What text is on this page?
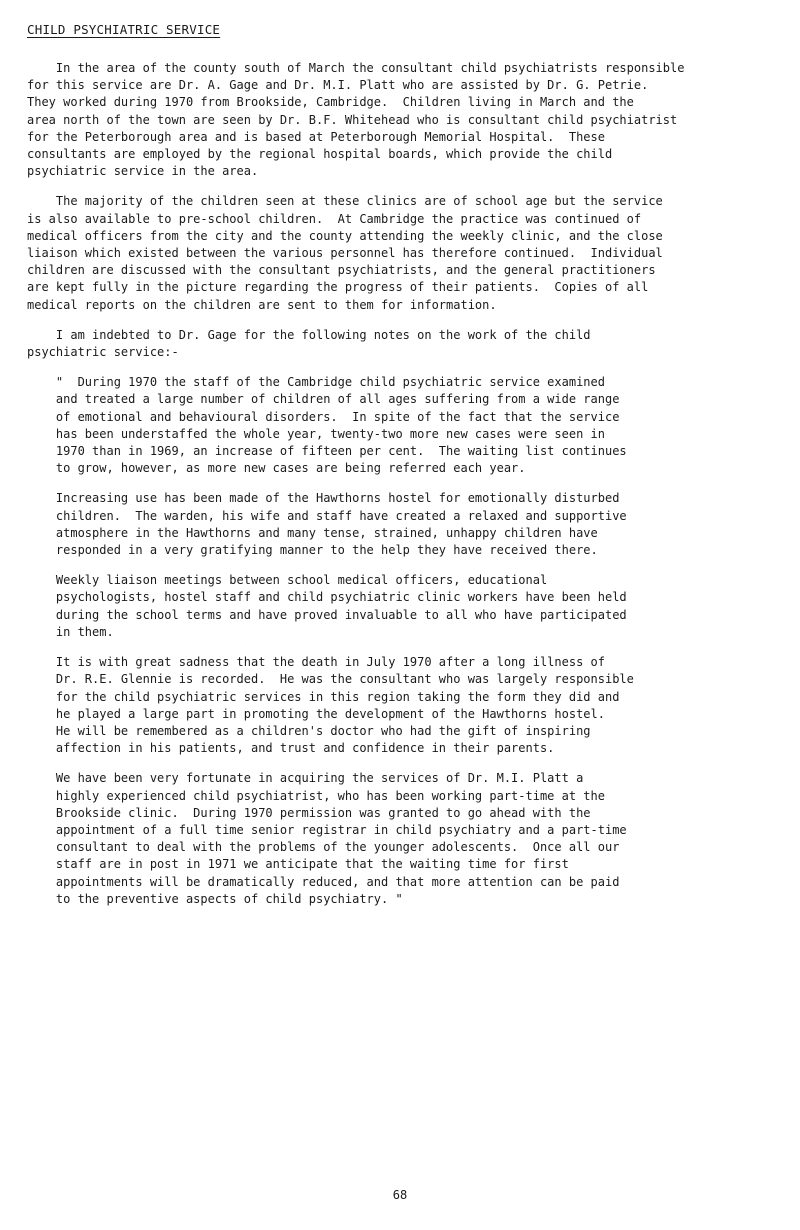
CHILD PSYCHIATRIC SERVICE

In the area of the county south of March the consultant child psychiatrists responsible
for this service are Dr. A. Gage and Dr. M.I. Platt who are assisted by Dr. G. Petrie.
They worked during 1970 from Brookside, Cambridge.  Children living in March and the
area north of the town are seen by Dr. B.F. Whitehead who is consultant child psychiatrist
for the Peterborough area and is based at Peterborough Memorial Hospital.  These
consultants are employed by the regional hospital boards, which provide the child
psychiatric service in the area.

The majority of the children seen at these clinics are of school age but the service
is also available to pre-school children.  At Cambridge the practice was continued of
medical officers from the city and the county attending the weekly clinic, and the close
liaison which existed between the various personnel has therefore continued.  Individual
children are discussed with the consultant psychiatrists, and the general practitioners
are kept fully in the picture regarding the progress of their patients.  Copies of all
medical reports on the children are sent to them for information.

I am indebted to Dr. Gage for the following notes on the work of the child
psychiatric service:-

"  During 1970 the staff of the Cambridge child psychiatric service examined
and treated a large number of children of all ages suffering from a wide range
of emotional and behavioural disorders.  In spite of the fact that the service
has been understaffed the whole year, twenty-two more new cases were seen in
1970 than in 1969, an increase of fifteen per cent.  The waiting list continues
to grow, however, as more new cases are being referred each year.

Increasing use has been made of the Hawthorns hostel for emotionally disturbed
children.  The warden, his wife and staff have created a relaxed and supportive
atmosphere in the Hawthorns and many tense, strained, unhappy children have
responded in a very gratifying manner to the help they have received there.

Weekly liaison meetings between school medical officers, educational
psychologists, hostel staff and child psychiatric clinic workers have been held
during the school terms and have proved invaluable to all who have participated
in them.

It is with great sadness that the death in July 1970 after a long illness of
Dr. R.E. Glennie is recorded.  He was the consultant who was largely responsible
for the child psychiatric services in this region taking the form they did and
he played a large part in promoting the development of the Hawthorns hostel.
He will be remembered as a children's doctor who had the gift of inspiring
affection in his patients, and trust and confidence in their parents.

We have been very fortunate in acquiring the services of Dr. M.I. Platt a
highly experienced child psychiatrist, who has been working part-time at the
Brookside clinic.  During 1970 permission was granted to go ahead with the
appointment of a full time senior registrar in child psychiatry and a part-time
consultant to deal with the problems of the younger adolescents.  Once all our
staff are in post in 1971 we anticipate that the waiting time for first
appointments will be dramatically reduced, and that more attention can be paid
to the preventive aspects of child psychiatry. "

68
